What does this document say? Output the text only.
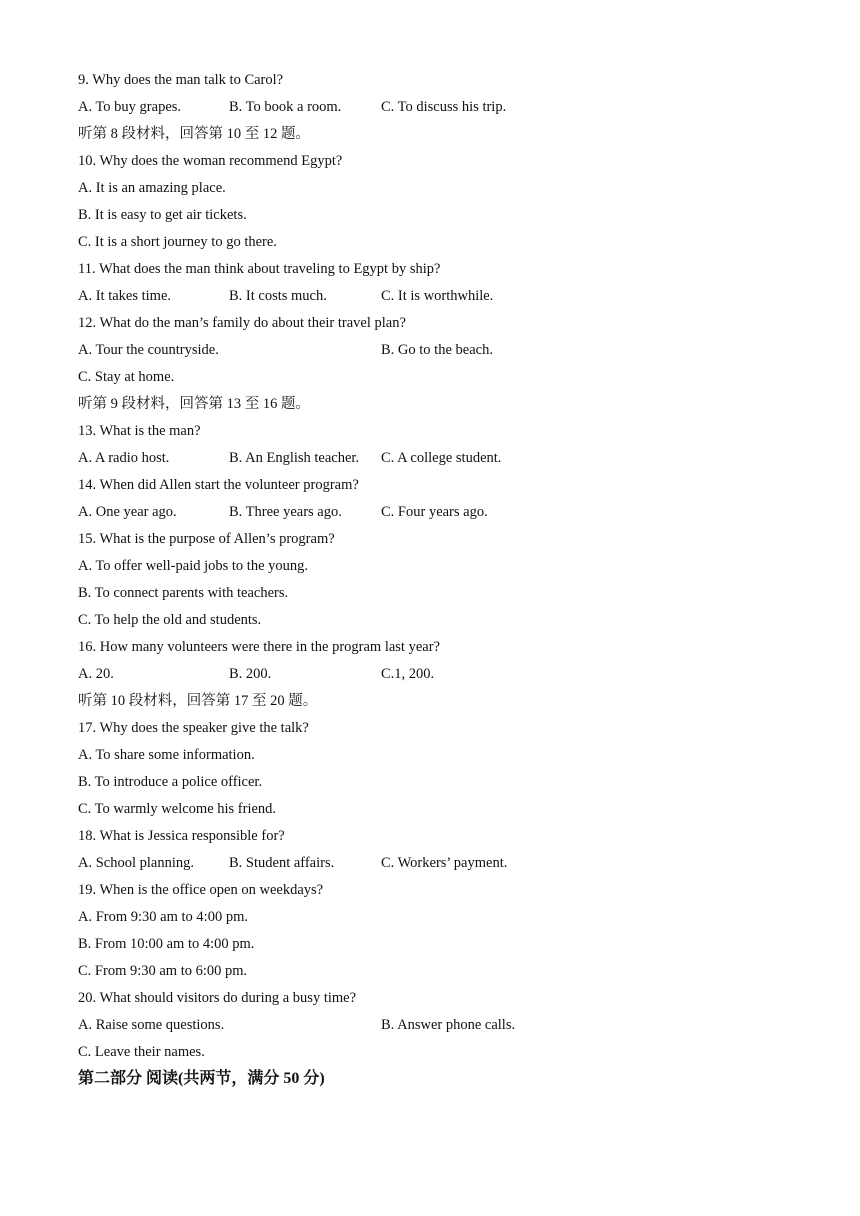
9. Why does the man talk to Carol?
A. To buy grapes.	B. To book a room.	C. To discuss his trip.
听第 8 段材料，回答第 10 至 12 题。
10. Why does the woman recommend Egypt?
A. It is an amazing place.
B. It is easy to get air tickets.
C. It is a short journey to go there.
11. What does the man think about traveling to Egypt by ship?
A. It takes time.	B. It costs much.	C. It is worthwhile.
12. What do the man’s family do about their travel plan?
A. Tour the countryside.	B. Go to the beach.
C. Stay at home.
听第 9 段材料，回答第 13 至 16 题。
13. What is the man?
A. A radio host.	B. An English teacher. C. A college student.
14. When did Allen start the volunteer program?
A. One year ago.	B. Three years ago.	C. Four years ago.
15. What is the purpose of Allen’s program?
A. To offer well-paid jobs to the young.
B. To connect parents with teachers.
C. To help the old and students.
16. How many volunteers were there in the program last year?
A. 20.	B. 200.	C.1, 200.
听第 10 段材料，回答第 17 至 20 题。
17. Why does the speaker give the talk?
A. To share some information.
B. To introduce a police officer.
C. To warmly welcome his friend.
18. What is Jessica responsible for?
A. School planning. B. Student affairs.	C. Workers’ payment.
19. When is the office open on weekdays?
A. From 9:30 am to 4:00 pm.
B. From 10:00 am to 4:00 pm.
C. From 9:30 am to 6:00 pm.
20. What should visitors do during a busy time?
A. Raise some questions.	B. Answer phone calls.
C. Leave their names.
第二部分 阅读(共两节，满分 50 分)
